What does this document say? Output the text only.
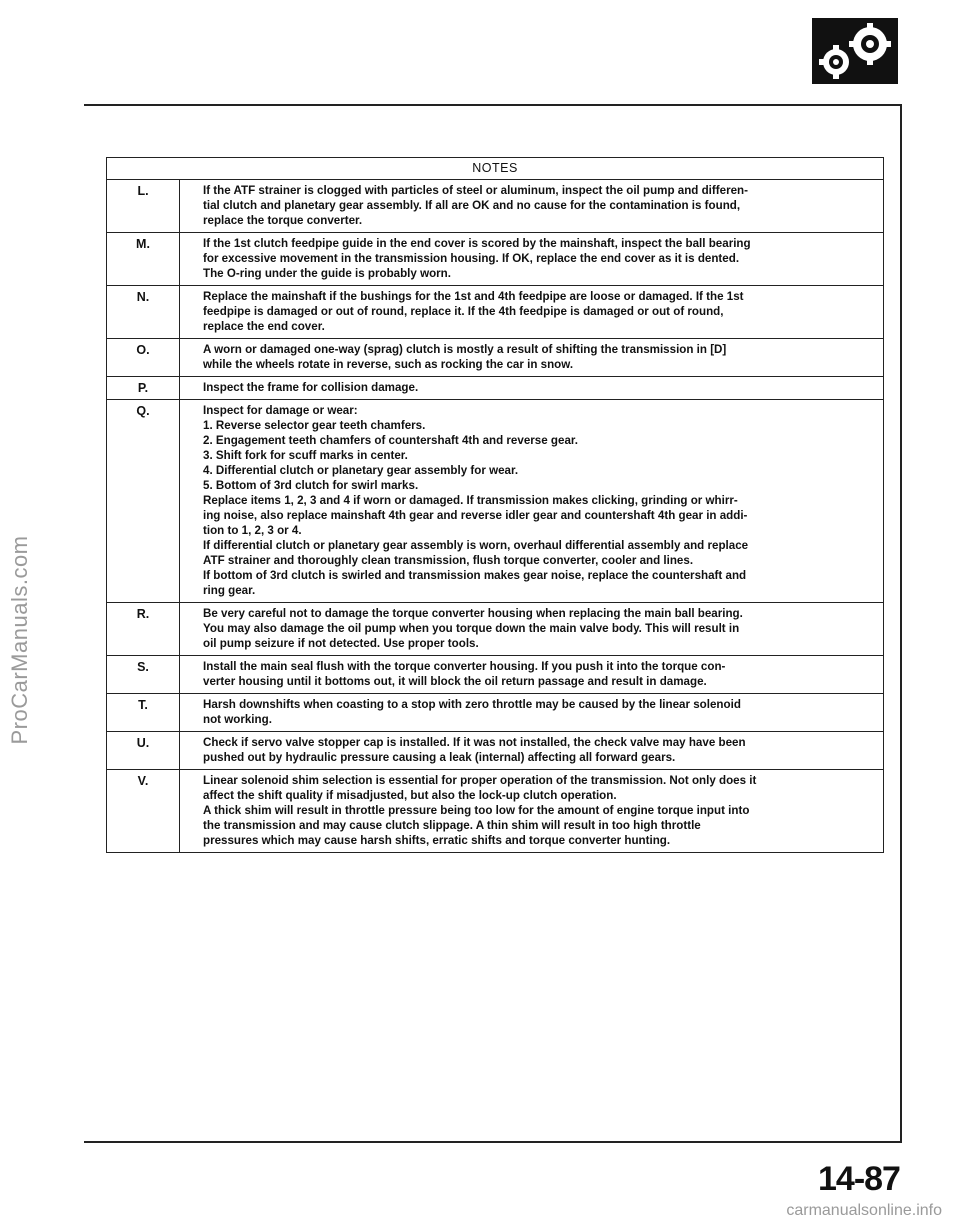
ProCarManuals.com
NOTES
L.	If the ATF strainer is clogged with particles of steel or aluminum, inspect the oil pump and differen-
tial clutch and planetary gear assembly. If all are OK and no cause for the contamination is found,
replace the torque converter.
M.	If the 1st clutch feedpipe guide in the end cover is scored by the mainshaft, inspect the ball bearing
for excessive movement in the transmission housing. If OK, replace the end cover as it is dented.
The O-ring under the guide is probably worn.
N.	Replace the mainshaft if the bushings for the 1st and 4th feedpipe are loose or damaged. If the 1st
feedpipe is damaged or out of round, replace it. If the 4th feedpipe is damaged or out of round,
replace the end cover.
O.	A worn or damaged one-way (sprag) clutch is mostly a result of shifting the transmission in [D]
while the wheels rotate in reverse, such as rocking the car in snow.
P.	Inspect the frame for collision damage.
Q.	Inspect for damage or wear:
1. Reverse selector gear teeth chamfers.
2. Engagement teeth chamfers of countershaft 4th and reverse gear.
3. Shift fork for scuff marks in center.
4. Differential clutch or planetary gear assembly for wear.
5. Bottom of 3rd clutch for swirl marks.
Replace items 1, 2, 3 and 4 if worn or damaged. If transmission makes clicking, grinding or whirr-
ing noise, also replace mainshaft 4th gear and reverse idler gear and countershaft 4th gear in addi-
tion to 1, 2, 3 or 4.
If differential clutch or planetary gear assembly is worn, overhaul differential assembly and replace
ATF strainer and thoroughly clean transmission, flush torque converter, cooler and lines.
If bottom of 3rd clutch is swirled and transmission makes gear noise, replace the countershaft and
ring gear.
R.	Be very careful not to damage the torque converter housing when replacing the main ball bearing.
You may also damage the oil pump when you torque down the main valve body. This will result in
oil pump seizure if not detected. Use proper tools.
S.	Install the main seal flush with the torque converter housing. If you push it into the torque con-
verter housing until it bottoms out, it will block the oil return passage and result in damage.
T.	Harsh downshifts when coasting to a stop with zero throttle may be caused by the linear solenoid
not working.
U.	Check if servo valve stopper cap is installed. If it was not installed, the check valve may have been
pushed out by hydraulic pressure causing a leak (internal) affecting all forward gears.
V.	Linear solenoid shim selection is essential for proper operation of the transmission. Not only does it
affect the shift quality if misadjusted, but also the lock-up clutch operation.
A thick shim will result in throttle pressure being too low for the amount of engine torque input into
the transmission and may cause clutch slippage. A thin shim will result in too high throttle
pressures which may cause harsh shifts, erratic shifts and torque converter hunting.
14-87
carmanualsonline.info
